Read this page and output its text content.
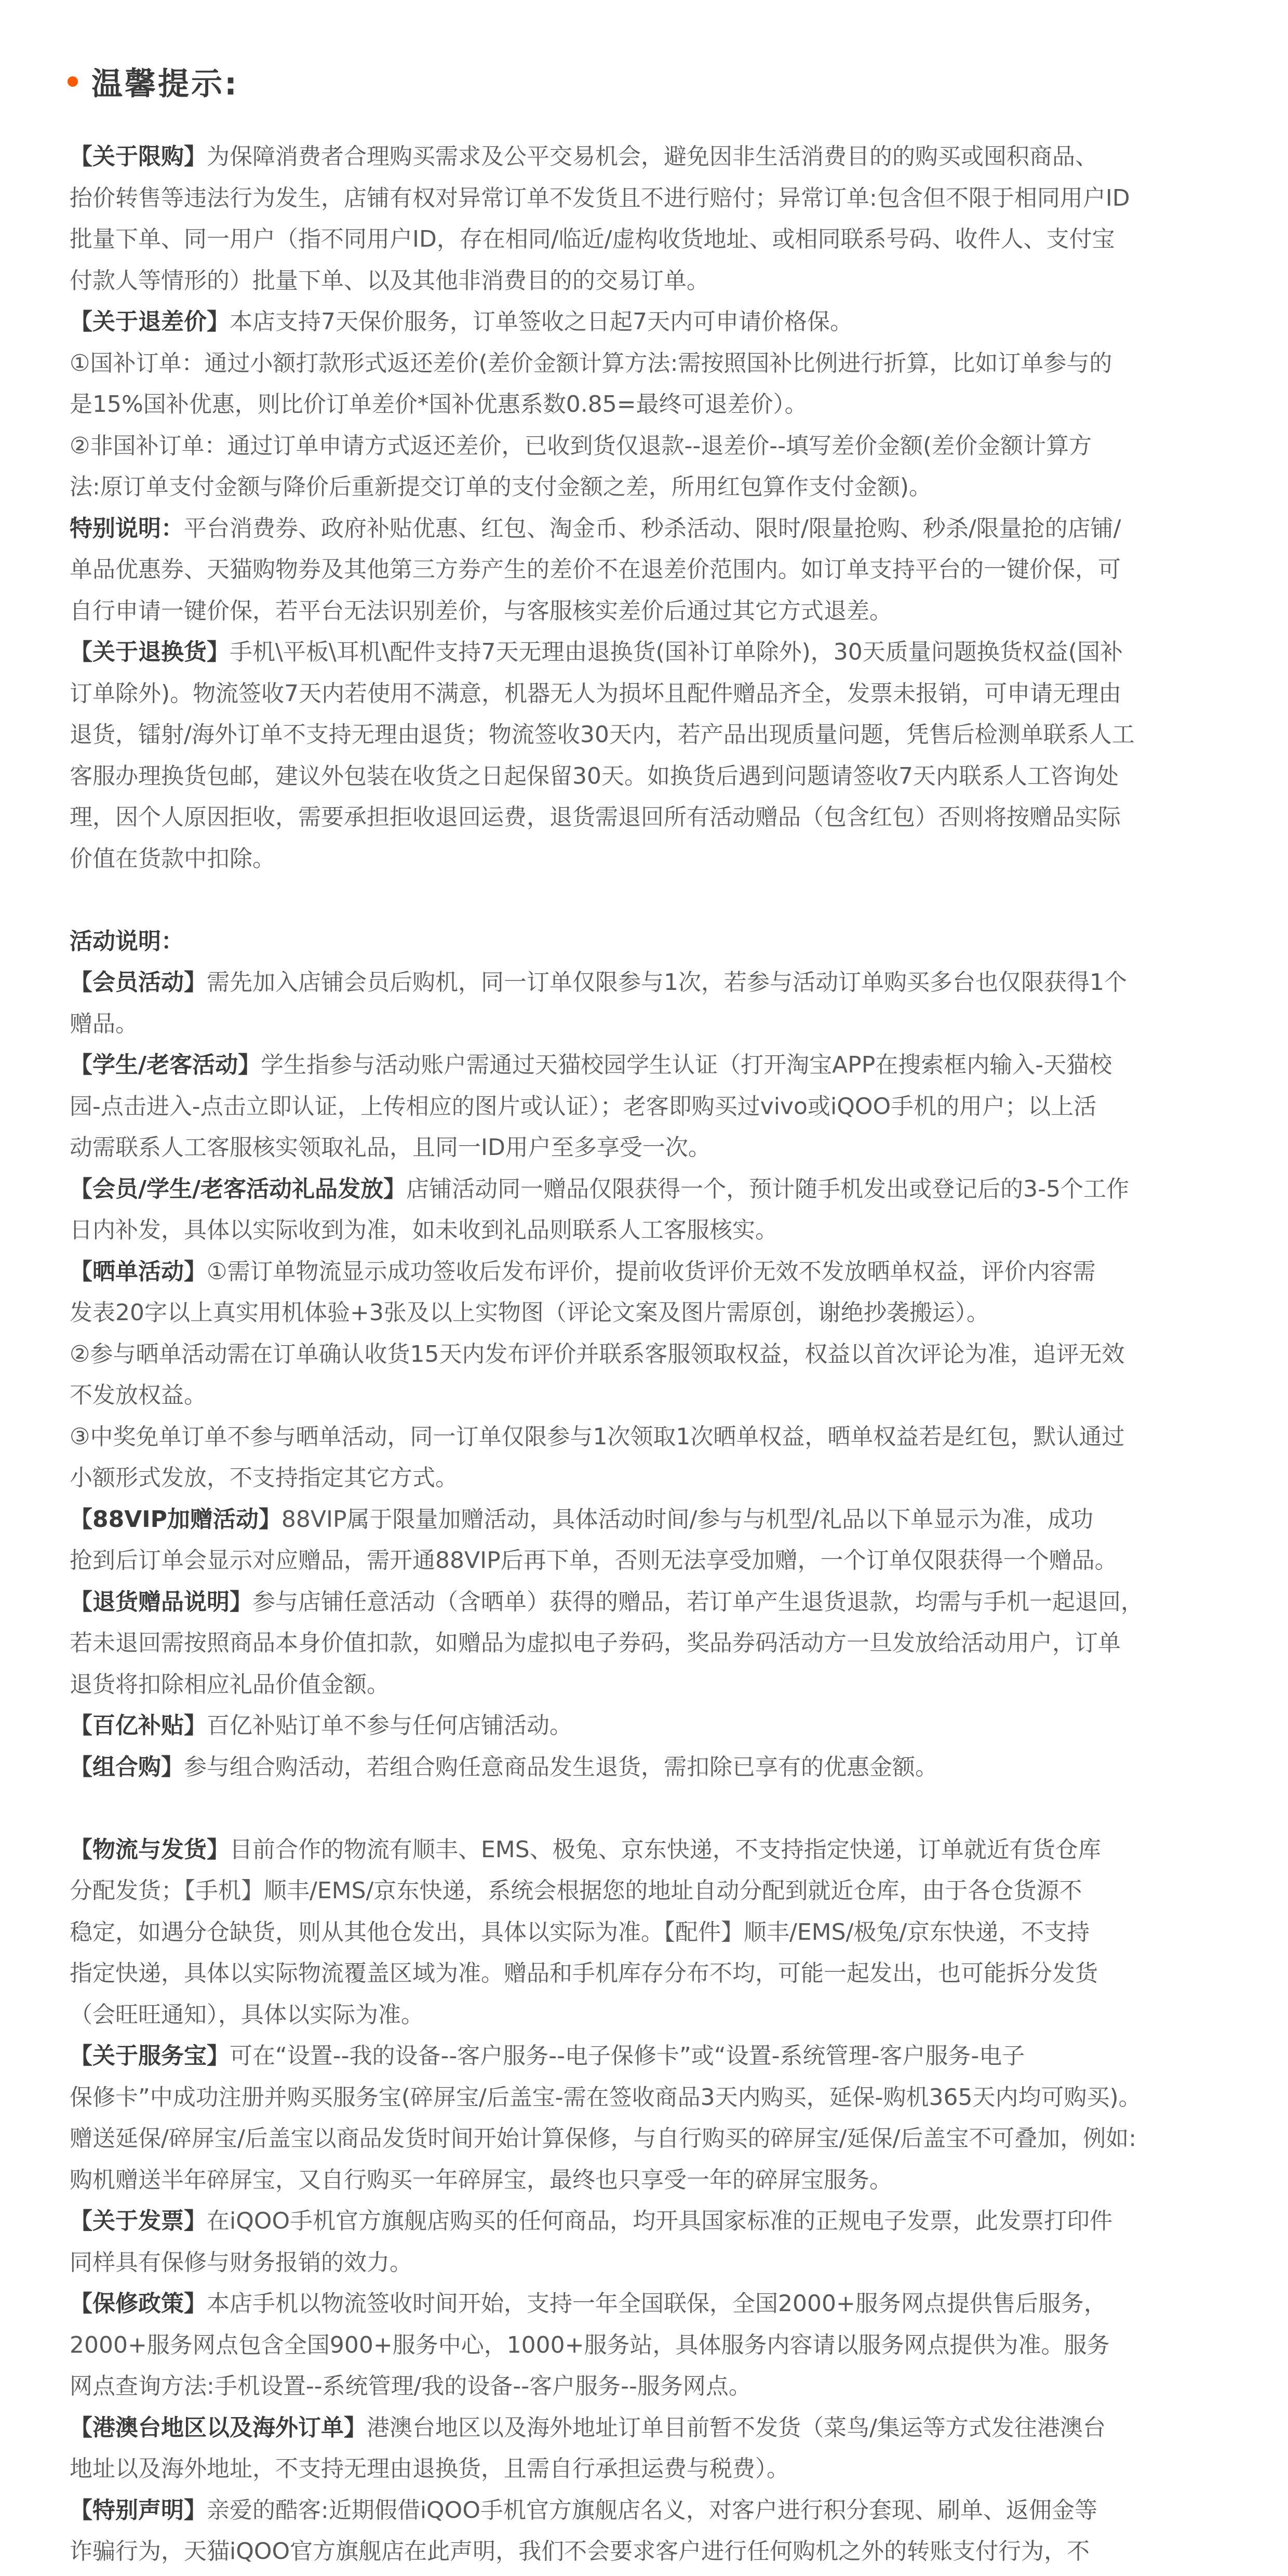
温馨提示:

【关于限购】为保障消费者合理购买需求及公平交易机会，避免因非生活消费目的的购买或囤积商品、

抬价转售等违法行为发生，店铺有权对异常订单不发货且不进行赔付；异常订单:包含但不限于相同用户ID

批量下单、同一用户（指不同用户ID，存在相同/临近/虚构收货地址、或相同联系号码、收件人、支付宝

付款人等情形的）批量下单、以及其他非消费目的的交易订单。

【关于退差价】本店支持7天保价服务，订单签收之日起7天内可申请价格保。

①国补订单：通过小额打款形式返还差价(差价金额计算方法:需按照国补比例进行折算，比如订单参与的

是15%国补优惠，则比价订单差价*国补优惠系数0.85=最终可退差价）。

②非国补订单：通过订单申请方式返还差价，已收到货仅退款--退差价--填写差价金额(差价金额计算方

法:原订单支付金额与降价后重新提交订单的支付金额之差，所用红包算作支付金额)。

特别说明：平台消费券、政府补贴优惠、红包、淘金币、秒杀活动、限时/限量抢购、秒杀/限量抢的店铺/

单品优惠券、天猫购物券及其他第三方券产生的差价不在退差价范围内。如订单支持平台的一键价保，可

自行申请一键价保，若平台无法识别差价，与客服核实差价后通过其它方式退差。

【关于退换货】手机\平板\耳机\配件支持7天无理由退换货(国补订单除外)，30天质量问题换货权益(国补

订单除外)。物流签收7天内若使用不满意，机器无人为损坏且配件赠品齐全，发票未报销，可申请无理由

退货，镭射/海外订单不支持无理由退货；物流签收30天内，若产品出现质量问题，凭售后检测单联系人工

客服办理换货包邮，建议外包装在收货之日起保留30天。如换货后遇到问题请签收7天内联系人工咨询处

理，因个人原因拒收，需要承担拒收退回运费，退货需退回所有活动赠品（包含红包）否则将按赠品实际

价值在货款中扣除。

活动说明：

【会员活动】需先加入店铺会员后购机，同一订单仅限参与1次，若参与活动订单购买多台也仅限获得1个

赠品。

【学生/老客活动】学生指参与活动账户需通过天猫校园学生认证（打开淘宝APP在搜索框内输入-天猫校

园-点击进入-点击立即认证，上传相应的图片或认证）；老客即购买过vivo或iQOO手机的用户；以上活

动需联系人工客服核实领取礼品，且同一ID用户至多享受一次。

【会员/学生/老客活动礼品发放】店铺活动同一赠品仅限获得一个，预计随手机发出或登记后的3-5个工作

日内补发，具体以实际收到为准，如未收到礼品则联系人工客服核实。

【晒单活动】①需订单物流显示成功签收后发布评价，提前收货评价无效不发放晒单权益，评价内容需

发表20字以上真实用机体验+3张及以上实物图（评论文案及图片需原创，谢绝抄袭搬运）。

②参与晒单活动需在订单确认收货15天内发布评价并联系客服领取权益，权益以首次评论为准，追评无效

不发放权益。

③中奖免单订单不参与晒单活动，同一订单仅限参与1次领取1次晒单权益，晒单权益若是红包，默认通过

小额形式发放，不支持指定其它方式。

【88VIP加赠活动】88VIP属于限量加赠活动，具体活动时间/参与与机型/礼品以下单显示为准，成功

抢到后订单会显示对应赠品，需开通88VIP后再下单，否则无法享受加赠，一个订单仅限获得一个赠品。

【退货赠品说明】参与店铺任意活动（含晒单）获得的赠品，若订单产生退货退款，均需与手机一起退回，

若未退回需按照商品本身价值扣款，如赠品为虚拟电子券码，奖品券码活动方一旦发放给活动用户，订单

退货将扣除相应礼品价值金额。

【百亿补贴】百亿补贴订单不参与任何店铺活动。

【组合购】参与组合购活动，若组合购任意商品发生退货，需扣除已享有的优惠金额。

【物流与发货】目前合作的物流有顺丰、EMS、极兔、京东快递，不支持指定快递，订单就近有货仓库

分配发货；【手机】顺丰/EMS/京东快递，系统会根据您的地址自动分配到就近仓库，由于各仓货源不

稳定，如遇分仓缺货，则从其他仓发出，具体以实际为准。【配件】顺丰/EMS/极兔/京东快递，不支持

指定快递，具体以实际物流覆盖区域为准。赠品和手机库存分布不均，可能一起发出，也可能拆分发货

（会旺旺通知），具体以实际为准。

【关于服务宝】可在“设置--我的设备--客户服务--电子保修卡”或“设置-系统管理-客户服务-电子

保修卡”中成功注册并购买服务宝(碎屏宝/后盖宝-需在签收商品3天内购买，延保-购机365天内均可购买)。

赠送延保/碎屏宝/后盖宝以商品发货时间开始计算保修，与自行购买的碎屏宝/延保/后盖宝不可叠加，例如:

购机赠送半年碎屏宝，又自行购买一年碎屏宝，最终也只享受一年的碎屏宝服务。

【关于发票】在iQOO手机官方旗舰店购买的任何商品，均开具国家标准的正规电子发票，此发票打印件

同样具有保修与财务报销的效力。

【保修政策】本店手机以物流签收时间开始，支持一年全国联保，全国2000+服务网点提供售后服务，

2000+服务网点包含全国900+服务中心，1000+服务站，具体服务内容请以服务网点提供为准。服务

网点查询方法:手机设置--系统管理/我的设备--客户服务--服务网点。

【港澳台地区以及海外订单】港澳台地区以及海外地址订单目前暂不发货（菜鸟/集运等方式发往港澳台

地址以及海外地址，不支持无理由退换货，且需自行承担运费与税费）。

【特别声明】亲爱的酷客:近期假借iQOO手机官方旗舰店名义，对客户进行积分套现、刷单、返佣金等

诈骗行为，天猫iQOO官方旗舰店在此声明，我们不会要求客户进行任何购机之外的转账支付行为，不
